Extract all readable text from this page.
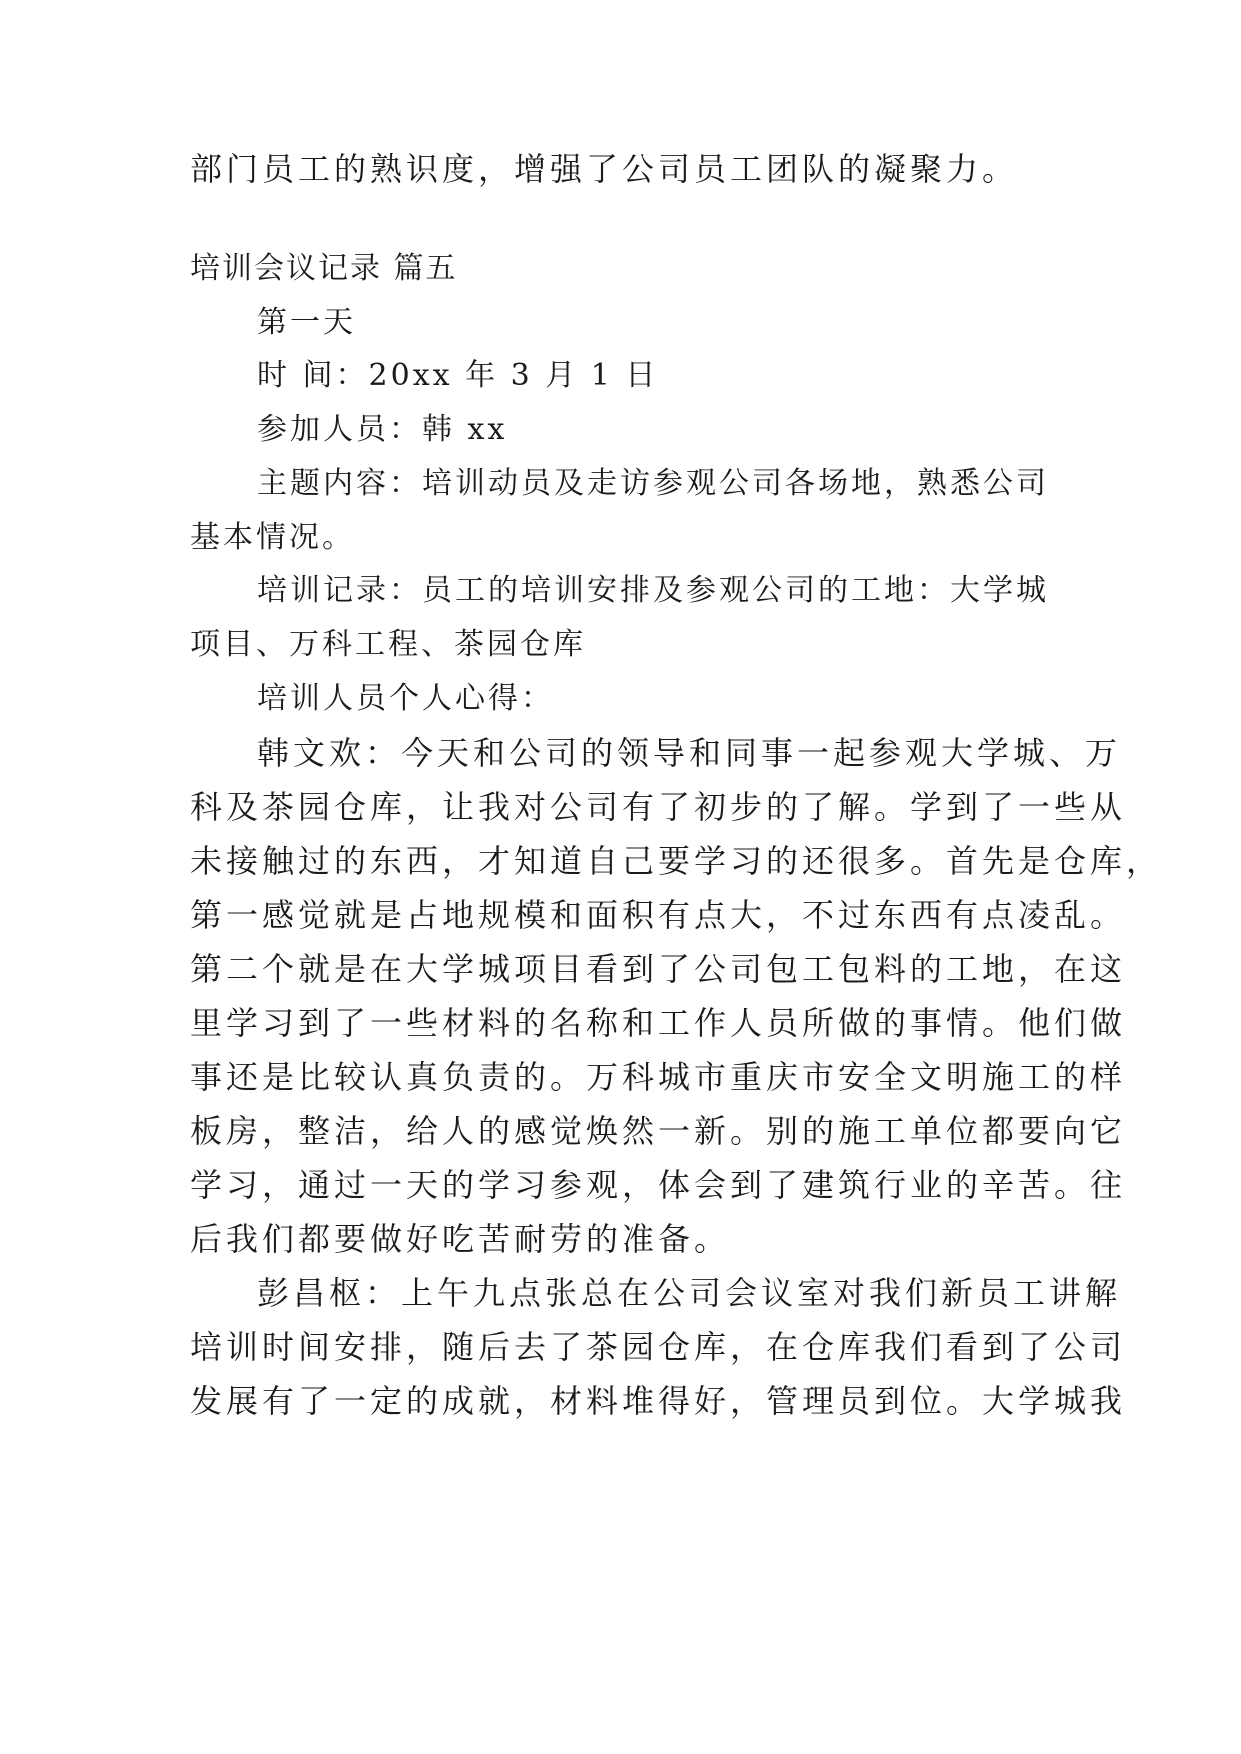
部门员工的熟识度，增强了公司员工团队的凝聚力。
培训会议记录 篇五
第一天
时 间：20xx 年 3 月 1 日
参加人员：韩 xx
主题内容：培训动员及走访参观公司各场地，熟悉公司
基本情况。
培训记录：员工的培训安排及参观公司的工地：大学城
项目、万科工程、茶园仓库
培训人员个人心得：
韩文欢：今天和公司的领导和同事一起参观大学城、万
科及茶园仓库，让我对公司有了初步的了解。学到了一些从
未接触过的东西，才知道自己要学习的还很多。首先是仓库，
第一感觉就是占地规模和面积有点大，不过东西有点凌乱。
第二个就是在大学城项目看到了公司包工包料的工地，在这
里学习到了一些材料的名称和工作人员所做的事情。他们做
事还是比较认真负责的。万科城市重庆市安全文明施工的样
板房，整洁，给人的感觉焕然一新。别的施工单位都要向它
学习，通过一天的学习参观，体会到了建筑行业的辛苦。往
后我们都要做好吃苦耐劳的准备。
彭昌枢：上午九点张总在公司会议室对我们新员工讲解
培训时间安排，随后去了茶园仓库，在仓库我们看到了公司
发展有了一定的成就，材料堆得好，管理员到位。大学城我
